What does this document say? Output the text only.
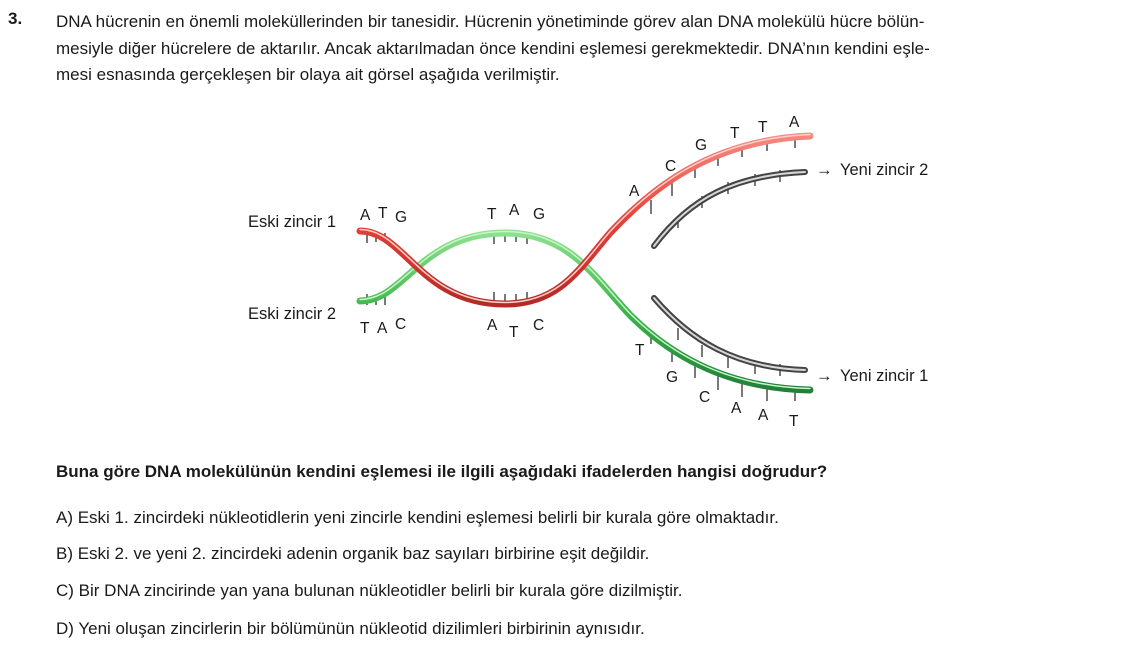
3. DNA hücrenin en önemli moleküllerinden bir tanesidir. Hücrenin yönetiminde görev alan DNA molekülü hücre bölün-
mesiyle diğer hücrelere de aktarılır. Ancak aktarılmadan önce kendini eşlemesi gerekmektedir. DNA’nın kendini eşle-
mesi esnasında gerçekleşen bir olaya ait görsel aşağıda verilmiştir.
Eski zincir 1
Eski zincir 2
→ Yeni zincir 2
→ Yeni zincir 1
A T G
T A C
T A G
A T C
A
C
G
T T A
T
G
C
A A T
Buna göre DNA molekülünün kendini eşlemesi ile ilgili aşağıdaki ifadelerden hangisi doğrudur?
A) Eski 1. zincirdeki nükleotidlerin yeni zincirle kendini eşlemesi belirli bir kurala göre olmaktadır.
B) Eski 2. ve yeni 2. zincirdeki adenin organik baz sayıları birbirine eşit değildir.
C) Bir DNA zincirinde yan yana bulunan nükleotidler belirli bir kurala göre dizilmiştir.
D) Yeni oluşan zincirlerin bir bölümünün nükleotid dizilimleri birbirinin aynısıdır.
